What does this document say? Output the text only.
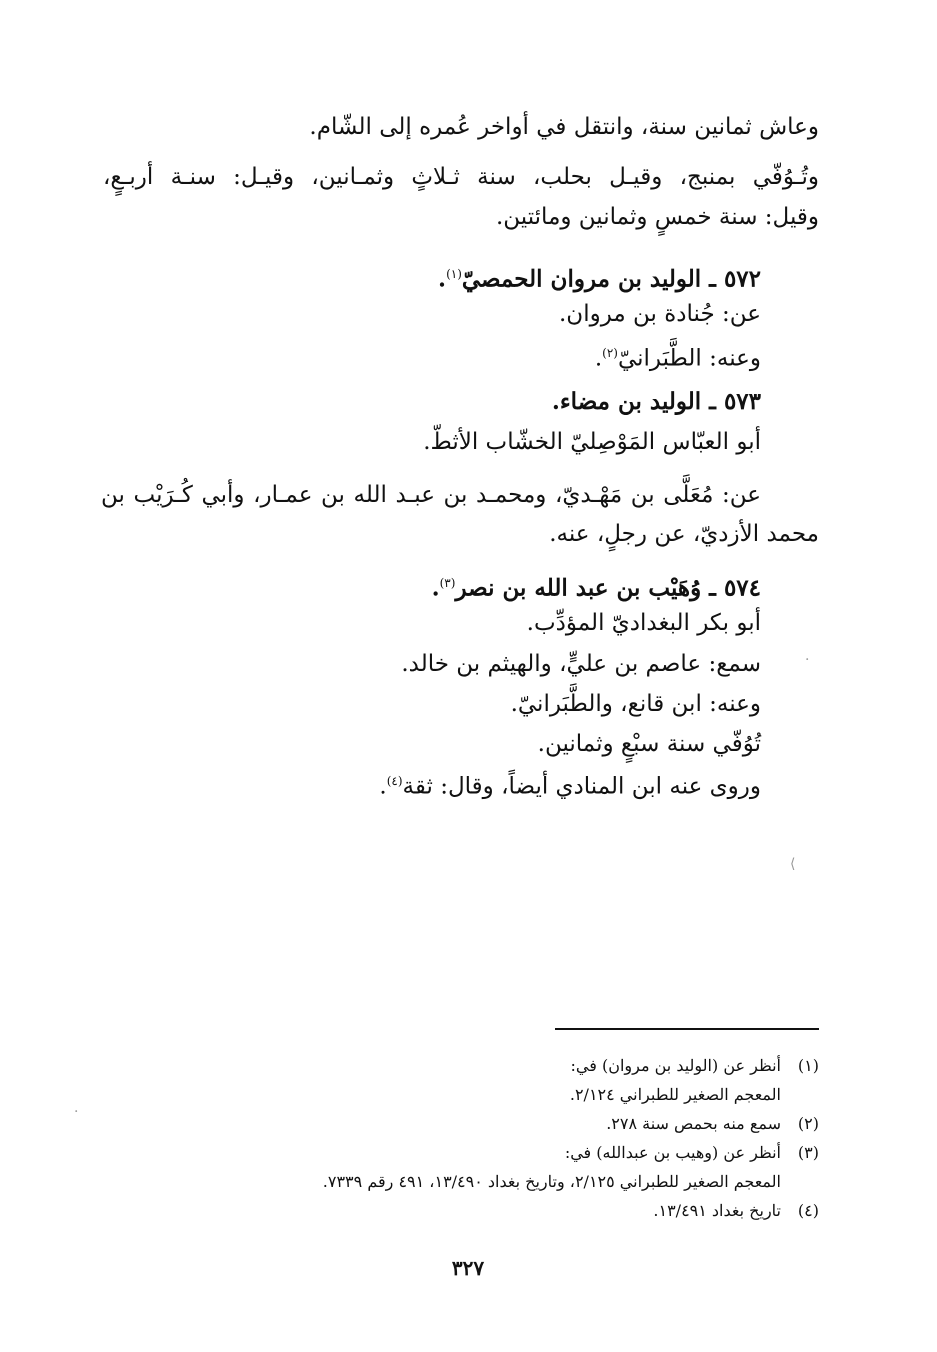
وعاش ثمانين سنة، وانتقل في أواخر عُمره إلى الشّام.
وتُـوُفّي بمنبج، وقيـل بحلب، سنة ثـلاثٍ وثمـانين، وقيـل: سنـة أربـعٍ،
وقيل: سنة خمسٍ وثمانين ومائتين.
٥٧٢ ـ الوليد بن مروان الحمصيّ$^{(١)}$.
عن: جُنادة بن مروان.
وعنه: الطَّبَرانيّ$^{(٢)}$.
٥٧٣ ـ الوليد بن مضاء.
أبو العبّاس المَوْصِليّ الخشّاب الأثطّ.
عن: مُعَلَّى بن مَهْـديّ، ومحمـد بن عبـد الله بن عمـار، وأبي كُـرَيْب بن
محمد الأزديّ، عن رجلٍ، عنه.
٥٧٤ ـ وُهَيْب بن عبد الله بن نصر$^{(٣)}$.
أبو بكر البغداديّ المؤدِّب.
سمع: عاصم بن عليٍّ، والهيثم بن خالد.
وعنه: ابن قانع، والطَّبَرانيّ.
تُوُفّي سنة سبْعٍ وثمانين.
وروى عنه ابن المنادي أيضاً، وقال: ثقة$^{(٤)}$.
⟨
·
·
(١)أنظر عن (الوليد بن مروان) في:
المعجم الصغير للطبراني ٢/١٢٤.
(٢)سمع منه بحمص سنة ٢٧٨.
(٣)أنظر عن (وهيب بن عبدالله) في:
المعجم الصغير للطبراني ٢/١٢٥، وتاريخ بغداد ١٣/٤٩٠، ٤٩١ رقم ٧٣٣٩.
(٤)تاريخ بغداد ١٣/٤٩١.
٣٢٧
